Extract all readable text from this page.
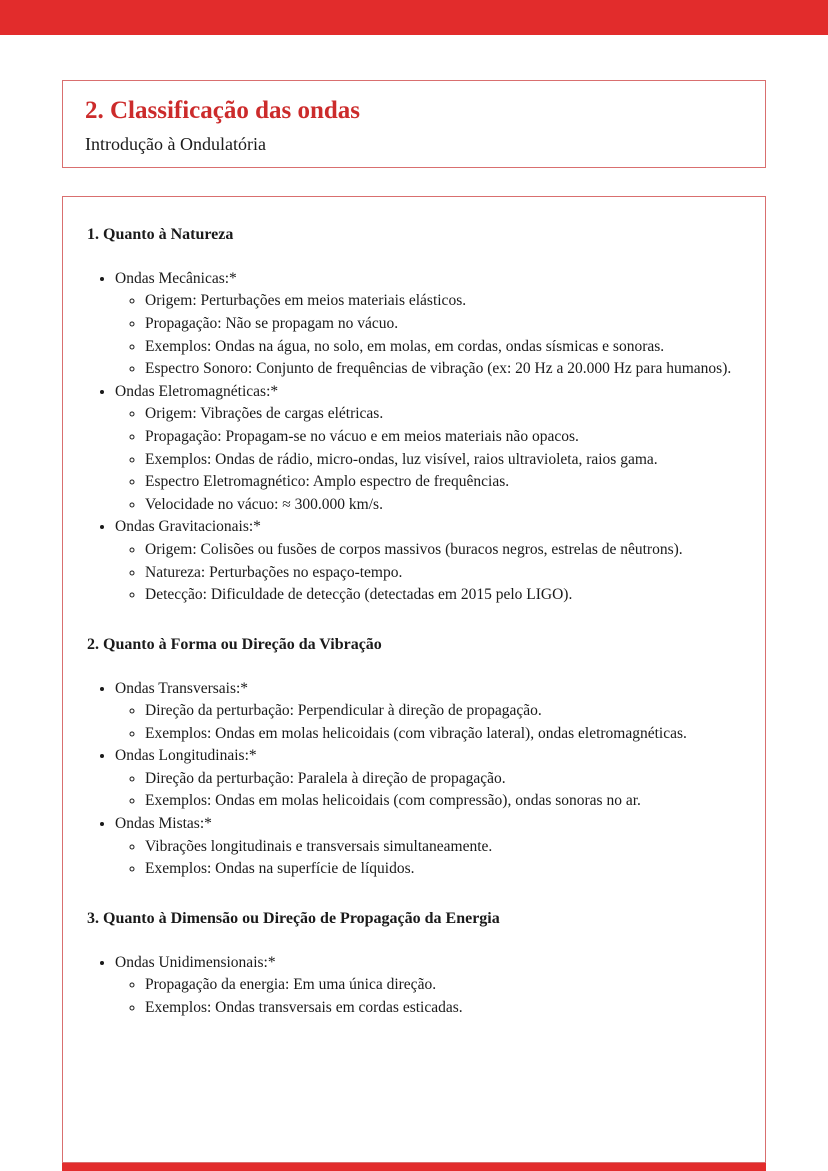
2. Classificação das ondas

Introdução à Ondulatória

1. Quanto à Natureza
• Ondas Mecânicas:*
◦ Origem: Perturbações em meios materiais elásticos.
◦ Propagação: Não se propagam no vácuo.
◦ Exemplos: Ondas na água, no solo, em molas, em cordas, ondas sísmicas e sonoras.
◦ Espectro Sonoro: Conjunto de frequências de vibração (ex: 20 Hz a 20.000 Hz para humanos).
• Ondas Eletromagnéticas:*
◦ Origem: Vibrações de cargas elétricas.
◦ Propagação: Propagam-se no vácuo e em meios materiais não opacos.
◦ Exemplos: Ondas de rádio, micro-ondas, luz visível, raios ultravioleta, raios gama.
◦ Espectro Eletromagnético: Amplo espectro de frequências.
◦ Velocidade no vácuo: ≈ 300.000 km/s.
• Ondas Gravitacionais:*
◦ Origem: Colisões ou fusões de corpos massivos (buracos negros, estrelas de nêutrons).
◦ Natureza: Perturbações no espaço-tempo.
◦ Detecção: Dificuldade de detecção (detectadas em 2015 pelo LIGO).
2. Quanto à Forma ou Direção da Vibração
• Ondas Transversais:*
◦ Direção da perturbação: Perpendicular à direção de propagação.
◦ Exemplos: Ondas em molas helicoidais (com vibração lateral), ondas eletromagnéticas.
• Ondas Longitudinais:*
◦ Direção da perturbação: Paralela à direção de propagação.
◦ Exemplos: Ondas em molas helicoidais (com compressão), ondas sonoras no ar.
• Ondas Mistas:*
◦ Vibrações longitudinais e transversais simultaneamente.
◦ Exemplos: Ondas na superfície de líquidos.
3. Quanto à Dimensão ou Direção de Propagação da Energia
• Ondas Unidimensionais:*
◦ Propagação da energia: Em uma única direção.
◦ Exemplos: Ondas transversais em cordas esticadas.
